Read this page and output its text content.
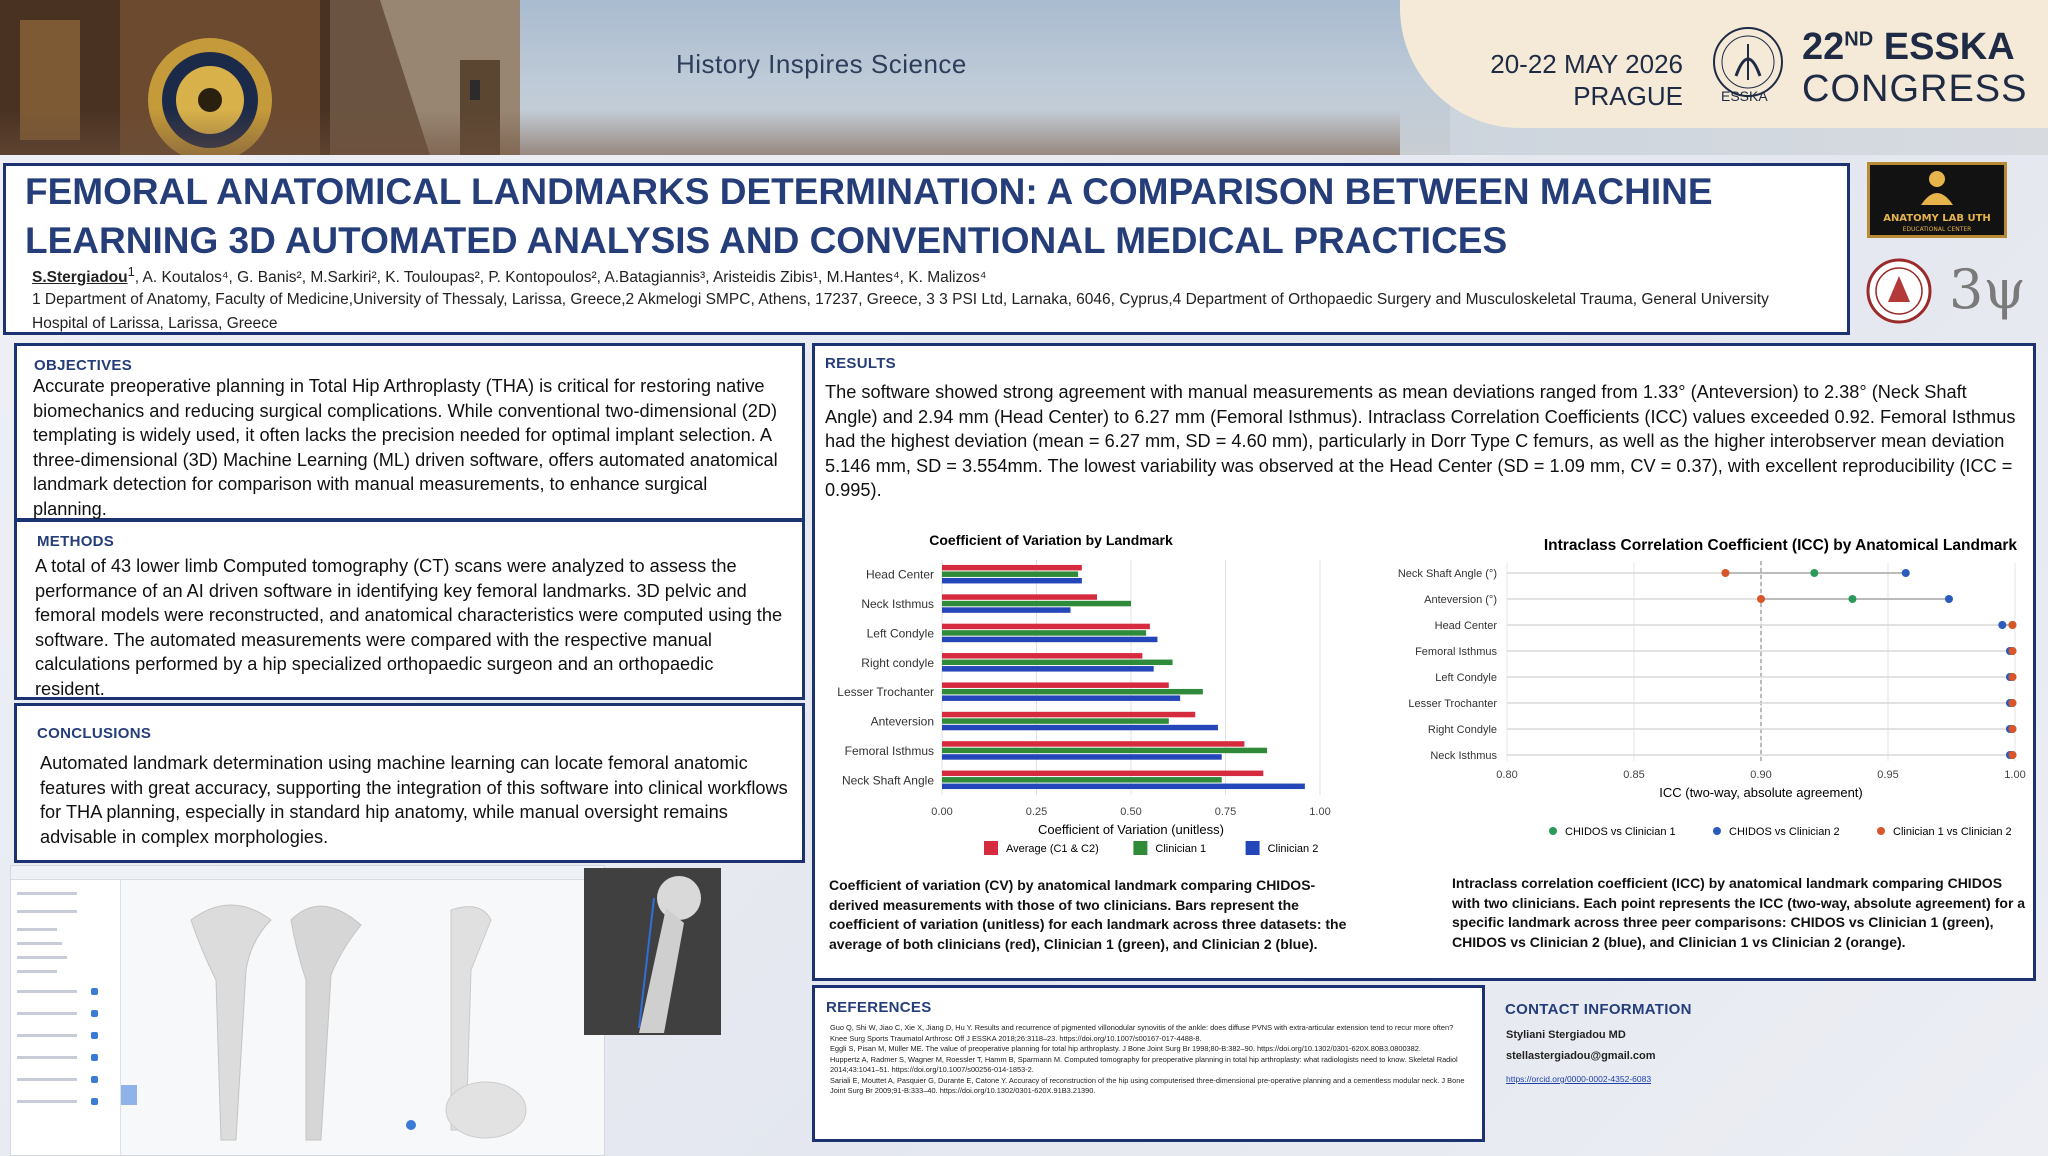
History Inspires Science	20-22 MAY 2026
PRAGUE	ESSKA
22ND ESSKA
CONGRESS
FEMORAL ANATOMICAL LANDMARKS DETERMINATION: A COMPARISON BETWEEN MACHINE
LEARNING 3D AUTOMATED ANALYSIS AND CONVENTIONAL MEDICAL PRACTICES
S.Stergiadou$^1$, A. Koutalos⁴, G. Banis², M.Sarkiri², K. Touloupas², P. Kontopoulos², A.Batagiannis³, Aristeidis Zibis¹, M.Hantes⁴, K. Malizos⁴
1 Department of Anatomy, Faculty of Medicine,University of Thessaly, Larissa, Greece,2 Akmelogi SMPC, Athens, 17237, Greece, 3 3 PSI Ltd, Larnaka, 6046, Cyprus,4 Department of Orthopaedic Surgery and Musculoskeletal Trauma, General University Hospital of Larissa, Larissa, Greece
ANATOMY LAB UTH
EDUCATIONAL CENTER
3ψ
OBJECTIVES
Accurate preoperative planning in Total Hip Arthroplasty (THA) is critical for restoring native biomechanics and reducing surgical complications. While conventional two-dimensional (2D) templating is widely used, it often lacks the precision needed for optimal implant selection. A three-dimensional (3D) Machine Learning (ML) driven software, offers automated anatomical landmark detection for comparison with manual measurements, to enhance surgical planning.
METHODS
A total of 43 lower limb Computed tomography (CT) scans were analyzed to assess the performance of an AI driven software in identifying key femoral landmarks. 3D pelvic and femoral models were reconstructed, and anatomical characteristics were computed using the software. The automated measurements were compared with the respective manual calculations performed by a hip specialized orthopaedic surgeon and an orthopaedic resident.
CONCLUSIONS
Automated landmark determination using machine learning can locate femoral anatomic features with great accuracy, supporting the integration of this software into clinical workflows for THA planning, especially in standard hip anatomy, while manual oversight remains advisable in complex morphologies.
RESULTS
The software showed strong agreement with manual measurements as mean deviations ranged from 1.33° (Anteversion) to 2.38° (Neck Shaft Angle) and 2.94 mm (Head Center) to 6.27 mm (Femoral Isthmus). Intraclass Correlation Coefficients (ICC) values exceeded 0.92. Femoral Isthmus had the highest deviation (mean = 6.27 mm, SD = 4.60 mm), particularly in Dorr Type C femurs, as well as the higher interobserver mean deviation 5.146 mm, SD = 3.554mm. The lowest variability was observed at the Head Center (SD = 1.09 mm, CV = 0.37), with excellent reproducibility (ICC = 0.995).
0.00	0.25	0.50	0.75	1.00
Coefficient of Variation by Landmark
Coefficient of Variation (unitless)
Head Center
Neck Isthmus
Left Condyle
Right condyle
Lesser Trochanter
Anteversion
Femoral Isthmus
Neck Shaft Angle
Average (C1 & C2)	Clinician 1	Clinician 2
Intraclass Correlation Coefficient (ICC) by Anatomical Landmark
0.80	0.85	0.90	0.95	1.00
ICC (two-way, absolute agreement)
Neck Shaft Angle (°)
Anteversion (°)
Head Center
Femoral Isthmus
Left Condyle
Lesser Trochanter
Right Condyle
Neck Isthmus
CHIDOS vs Clinician 1	CHIDOS vs Clinician 2	Clinician 1 vs Clinician 2
Coefficient of variation (CV) by anatomical landmark comparing CHIDOS-derived measurements with those of two clinicians. Bars represent the coefficient of variation (unitless) for each landmark across three datasets: the average of both clinicians (red), Clinician 1 (green), and Clinician 2 (blue).
Intraclass correlation coefficient (ICC) by anatomical landmark comparing CHIDOS with two clinicians. Each point represents the ICC (two-way, absolute agreement) for a specific landmark across three peer comparisons: CHIDOS vs Clinician 1 (green), CHIDOS vs Clinician 2 (blue), and Clinician 1 vs Clinician 2 (orange).
REFERENCES
Guo Q, Shi W, Jiao C, Xie X, Jiang D, Hu Y. Results and recurrence of pigmented villonodular synovitis of the ankle: does diffuse PVNS with extra-articular extension tend to recur more often? Knee Surg Sports Traumatol Arthrosc Off J ESSKA 2018;26:3118–23. https://doi.org/10.1007/s00167-017-4488-8.
Eggli S, Pisan M, Müller ME. The value of preoperative planning for total hip arthroplasty. J Bone Joint Surg Br 1998;80-B:382–90. https://doi.org/10.1302/0301-620X.80B3.0800382.
Huppertz A, Radmer S, Wagner M, Roessler T, Hamm B, Sparmann M. Computed tomography for preoperative planning in total hip arthroplasty: what radiologists need to know. Skeletal Radiol 2014;43:1041–51. https://doi.org/10.1007/s00256-014-1853-2.
Sariali E, Mouttet A, Pasquier G, Durante E, Catone Y. Accuracy of reconstruction of the hip using computerised three-dimensional pre-operative planning and a cementless modular neck. J Bone Joint Surg Br 2009;91-B:333–40. https://doi.org/10.1302/0301-620X.91B3.21390.
CONTACT INFORMATION
Styliani Stergiadou MD
stellastergiadou@gmail.com
https://orcid.org/0000-0002-4352-6083
